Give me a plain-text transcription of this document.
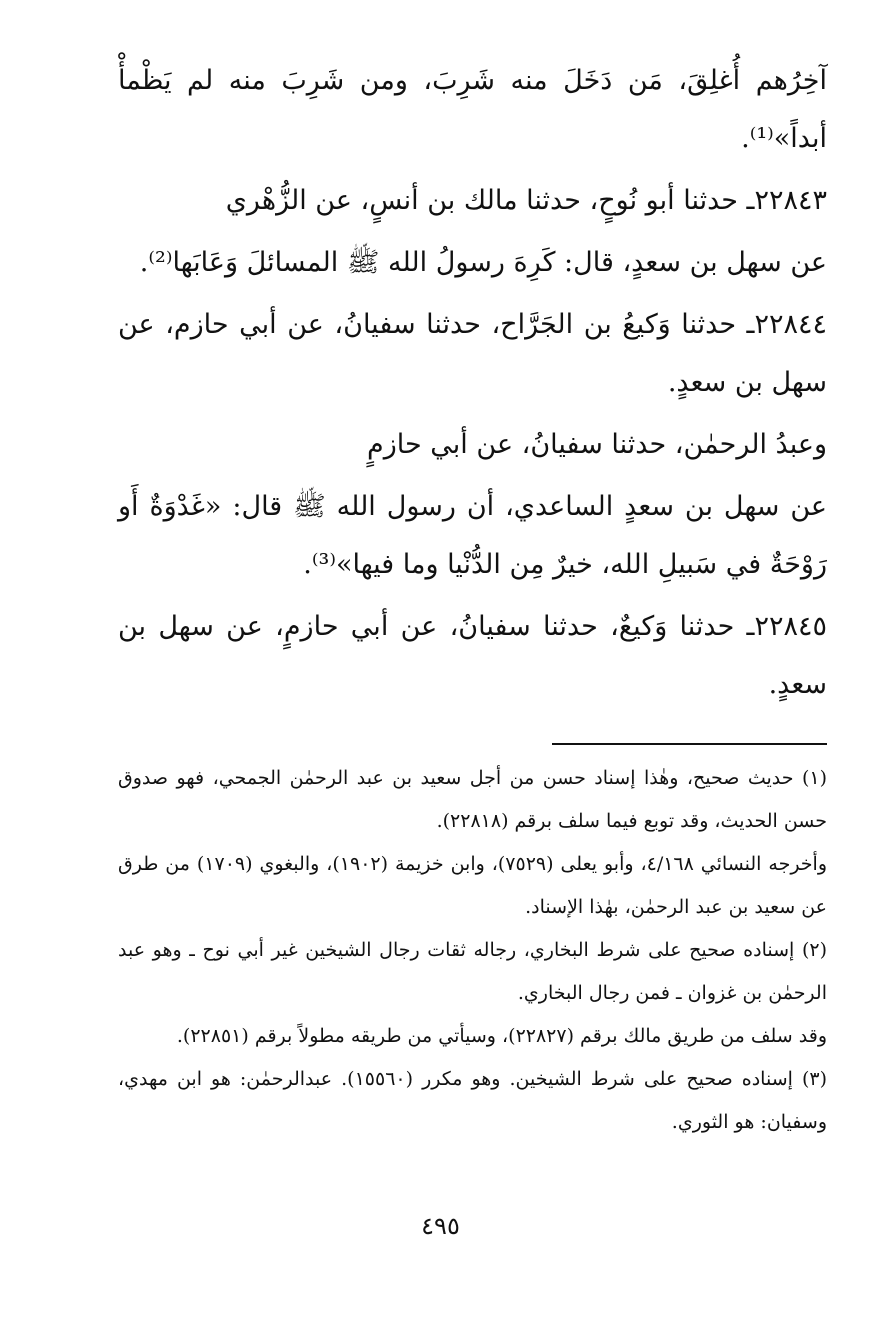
آخِرُهم أُغلِقَ، مَن دَخَلَ منه شَرِبَ، ومن شَرِبَ منه لم يَظْمأْ أبداً»⁽¹⁾.

٢٢٨٤٣ـ حدثنا أبو نُوحٍ، حدثنا مالك بن أنسٍ، عن الزُّهْري

عن سهل بن سعدٍ، قال: كَرِهَ رسولُ الله ﷺ المسائلَ وَعَابَها⁽²⁾.

٢٢٨٤٤ـ حدثنا وَكيعُ بن الجَرَّاح، حدثنا سفيانُ، عن أبي حازم، عن سهل بن سعدٍ.

وعبدُ الرحمٰن، حدثنا سفيانُ، عن أبي حازمٍ

عن سهل بن سعدٍ الساعدي، أن رسول الله ﷺ قال: «غَدْوَةٌ أَو رَوْحَةٌ في سَبيلِ الله، خيرٌ مِن الدُّنْيا وما فيها»⁽³⁾.

٢٢٨٤٥ـ حدثنا وَكيعٌ، حدثنا سفيانُ، عن أبي حازمٍ، عن سهل بن سعدٍ.

(١) حديث صحيح، وهٰذا إسناد حسن من أجل سعيد بن عبد الرحمٰن الجمحي، فهو صدوق حسن الحديث، وقد توبع فيما سلف برقم (٢٢٨١٨).

وأخرجه النسائي ٤/١٦٨، وأبو يعلى (٧٥٢٩)، وابن خزيمة (١٩٠٢)، والبغوي (١٧٠٩) من طرق عن سعيد بن عبد الرحمٰن، بهٰذا الإسناد.

(٢) إسناده صحيح على شرط البخاري، رجاله ثقات رجال الشيخين غير أبي نوح ـ وهو عبد الرحمٰن بن غزوان ـ فمن رجال البخاري.

وقد سلف من طريق مالك برقم (٢٢٨٢٧)، وسيأتي من طريقه مطولاً برقم (٢٢٨٥١).

(٣) إسناده صحيح على شرط الشيخين. وهو مكرر (١٥٥٦٠). عبدالرحمٰن: هو ابن مهدي، وسفيان: هو الثوري.

٤٩٥
